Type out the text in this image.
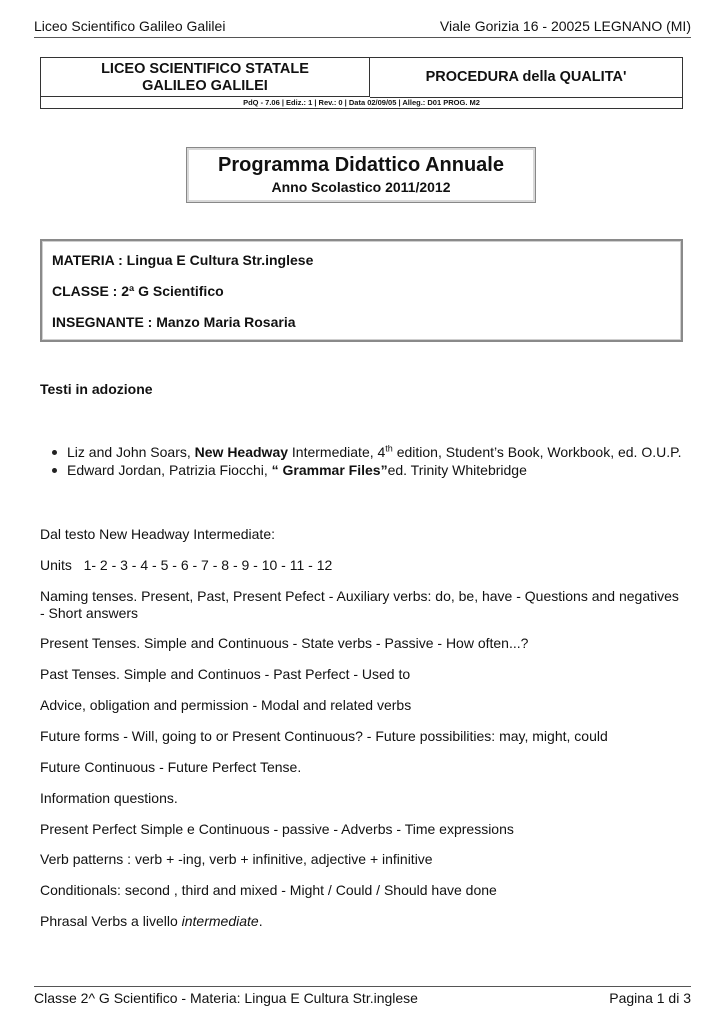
Liceo Scientifico Galileo Galilei	Viale Gorizia 16 - 20025 LEGNANO (MI)
LICEO SCIENTIFICO STATALE
GALILEO GALILEI
PROCEDURA della QUALITA'
PdQ - 7.06 | Ediz.: 1 | Rev.: 0 | Data 02/09/05 | Alleg.: D01 PROG. M2
Programma Didattico Annuale
Anno Scolastico 2011/2012
MATERIA : Lingua E Cultura Str.inglese
CLASSE : 2ª G Scientifico
INSEGNANTE : Manzo Maria Rosaria
Testi in adozione
Liz and John Soars, New Headway Intermediate, 4th edition, Student’s Book, Workbook, ed. O.U.P.
Edward Jordan, Patrizia Fiocchi, “ Grammar Files”ed. Trinity Whitebridge
Dal testo New Headway Intermediate:
Units   1- 2 - 3 - 4 - 5 - 6 - 7 - 8 - 9 - 10 - 11 - 12
Naming tenses. Present, Past, Present Pefect - Auxiliary verbs: do, be, have - Questions and negatives - Short answers
Present Tenses. Simple and Continuous - State verbs - Passive - How often...?
Past Tenses. Simple and Continuos - Past Perfect - Used to
Advice, obligation and permission - Modal and related verbs
Future forms - Will, going to or Present Continuous? - Future possibilities: may, might, could
Future Continuous - Future Perfect Tense.
Information questions.
Present Perfect Simple e Continuous - passive - Adverbs - Time expressions
Verb patterns : verb + -ing, verb + infinitive, adjective + infinitive
Conditionals: second , third and mixed - Might / Could / Should have done
Phrasal Verbs a livello intermediate.
Classe 2^ G Scientifico - Materia: Lingua E Cultura Str.inglese	Pagina 1 di 3
